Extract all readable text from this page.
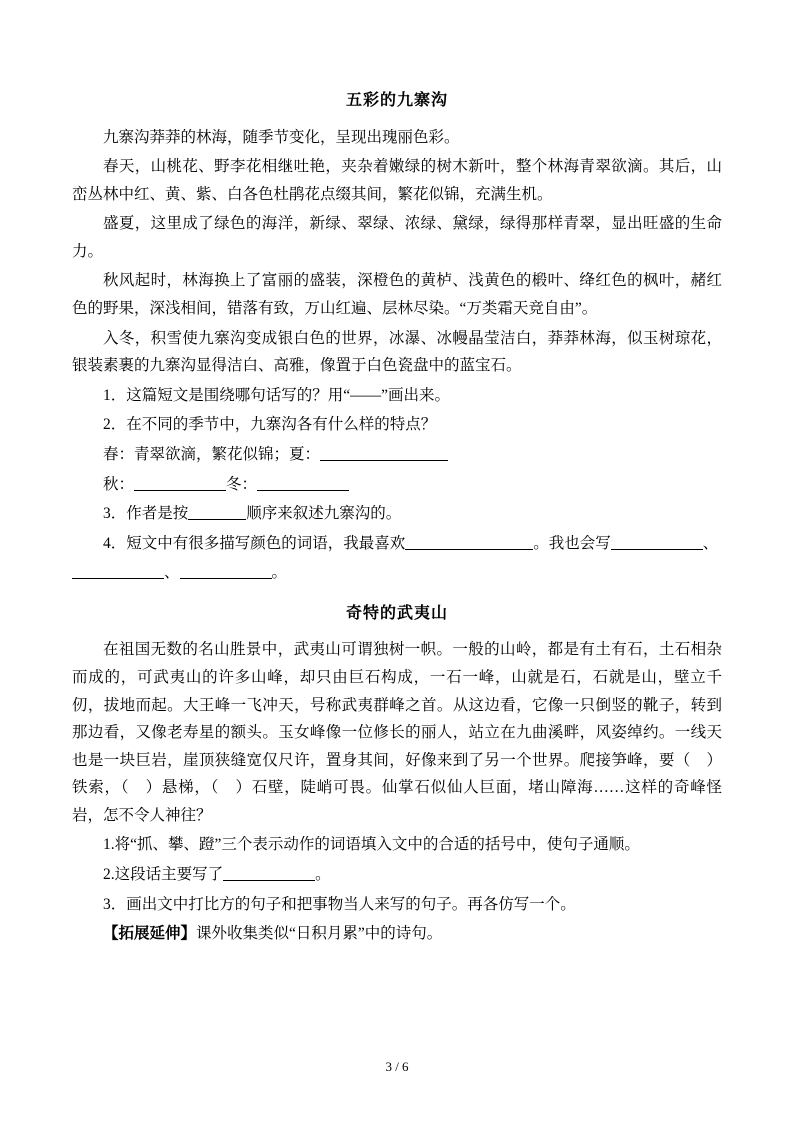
五彩的九寨沟

九寨沟莽莽的林海，随季节变化，呈现出瑰丽色彩。

春天，山桃花、野李花相继吐艳，夹杂着嫩绿的树木新叶，整个林海青翠欲滴。其后，山峦丛林中红、黄、紫、白各色杜鹃花点缀其间，繁花似锦，充满生机。

盛夏，这里成了绿色的海洋，新绿、翠绿、浓绿、黛绿，绿得那样青翠，显出旺盛的生命力。

秋风起时，林海换上了富丽的盛装，深橙色的黄栌、浅黄色的椴叶、绛红色的枫叶，赭红色的野果，深浅相间，错落有致，万山红遍、层林尽染。“万类霜天竞自由”。

入冬，积雪使九寨沟变成银白色的世界，冰瀑、冰幔晶莹洁白，莽莽林海，似玉树琼花，银装素裹的九寨沟显得洁白、高雅，像置于白色瓷盘中的蓝宝石。

1．这篇短文是围绕哪句话写的？用“——”画出来。

2．在不同的季节中，九寨沟各有什么样的特点？

春：青翠欲滴，繁花似锦；夏：

秋：	冬：

3．作者是按	顺序来叙述九寨沟的。

4．短文中有很多描写颜色的词语，我最喜欢	。我也会写	、

、	。

奇特的武夷山

在祖国无数的名山胜景中，武夷山可谓独树一帜。一般的山岭，都是有土有石，土石相杂而成的，可武夷山的许多山峰，却只由巨石构成，一石一峰，山就是石，石就是山，壁立千仞，拔地而起。大王峰一飞冲天，号称武夷群峰之首。从这边看，它像一只倒竖的靴子，转到那边看，又像老寿星的额头。玉女峰像一位修长的丽人，站立在九曲溪畔，风姿绰约。一线天也是一块巨岩，崖顶狭缝宽仅尺许，置身其间，好像来到了另一个世界。爬接笋峰，要（　）铁索，（　）悬梯，（　）石壁，陡峭可畏。仙掌石似仙人巨面，堵山障海……这样的奇峰怪岩，怎不令人神往？

1.将“抓、攀、蹬”三个表示动作的词语填入文中的合适的括号中，使句子通顺。

2.这段话主要写了	。

3．画出文中打比方的句子和把事物当人来写的句子。再各仿写一个。

【拓展延伸】课外收集类似“日积月累”中的诗句。

3 / 6
